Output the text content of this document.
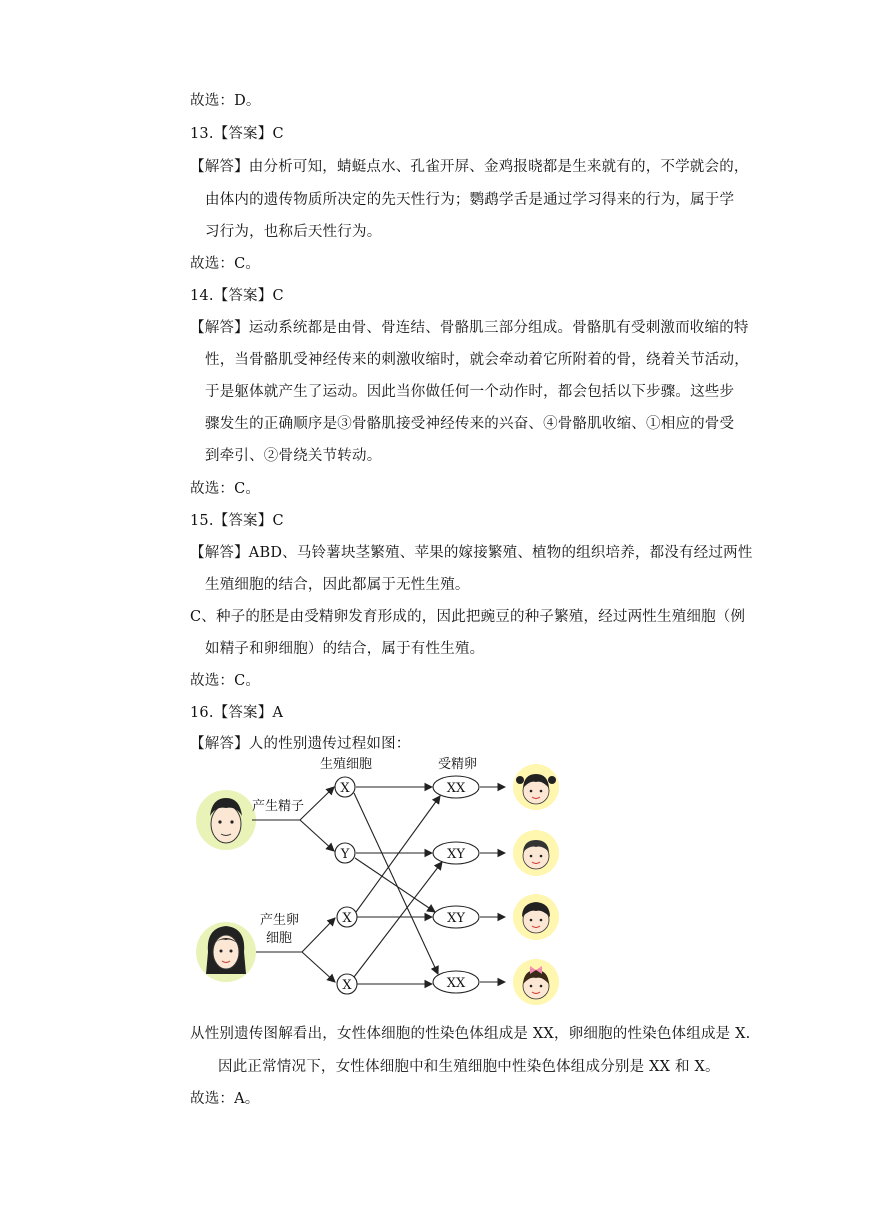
故选：D。
13.【答案】C
【解答】由分析可知，蜻蜓点水、孔雀开屏、金鸡报晓都是生来就有的，不学就会的，
由体内的遗传物质所决定的先天性行为；鹦鹉学舌是通过学习得来的行为，属于学
习行为，也称后天性行为。
故选：C。
14.【答案】C
【解答】运动系统都是由骨、骨连结、骨骼肌三部分组成。骨骼肌有受刺激而收缩的特
性，当骨骼肌受神经传来的刺激收缩时，就会牵动着它所附着的骨，绕着关节活动，
于是躯体就产生了运动。因此当你做任何一个动作时，都会包括以下步骤。这些步
骤发生的正确顺序是③骨骼肌接受神经传来的兴奋、④骨骼肌收缩、①相应的骨受
到牵引、②骨绕关节转动。
故选：C。
15.【答案】C
【解答】ABD、马铃薯块茎繁殖、苹果的嫁接繁殖、植物的组织培养，都没有经过两性
生殖细胞的结合，因此都属于无性生殖。
C、种子的胚是由受精卵发育形成的，因此把豌豆的种子繁殖，经过两性生殖细胞（例
如精子和卵细胞）的结合，属于有性生殖。
故选：C。
16.【答案】A
【解答】人的性别遗传过程如图：
生殖细胞	受精卵
产生精子
产生卵
细胞
X
Y
X
X
XX
XY
XY
XX
从性别遗传图解看出，女性体细胞的性染色体组成是 XX，卵细胞的性染色体组成是 X.
因此正常情况下，女性体细胞中和生殖细胞中性染色体组成分别是 XX 和 X。
故选：A。
